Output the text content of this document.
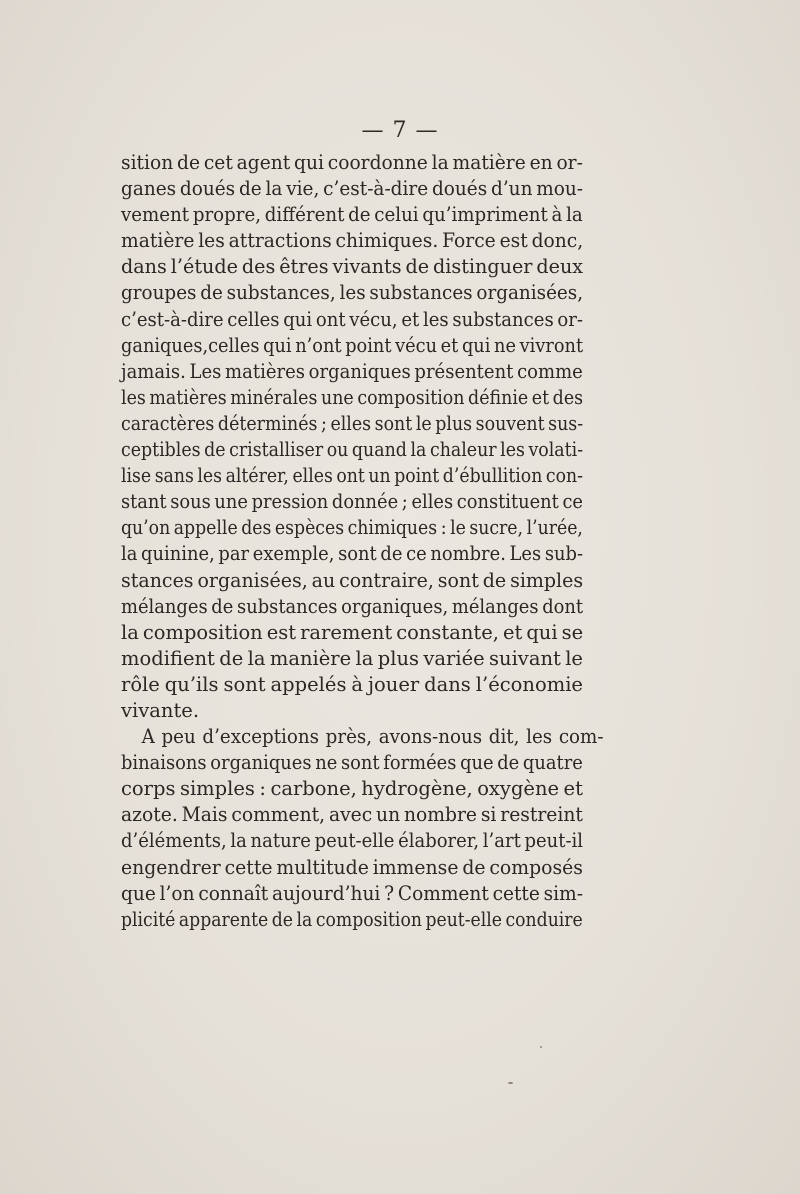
— 7 —
sition de cet agent qui coordonne la matière en or-
ganes doués de la vie, c’est-à-dire doués d’un mou-
vement propre, différent de celui qu’impriment à la
matière les attractions chimiques. Force est donc,
dans l’étude des êtres vivants de distinguer deux
groupes de substances, les substances organisées,
c’est-à-dire celles qui ont vécu, et les substances or-
ganiques,celles qui n’ont point vécu et qui ne vivront
jamais. Les matières organiques présentent comme
les matières minérales une composition définie et des
caractères déterminés ; elles sont le plus souvent sus-
ceptibles de cristalliser ou quand la chaleur les volati-
lise sans les altérer, elles ont un point d’ébullition con-
stant sous une pression donnée ; elles constituent ce
qu’on appelle des espèces chimiques : le sucre, l’urée,
la quinine, par exemple, sont de ce nombre. Les sub-
stances organisées, au contraire, sont de simples
mélanges de substances organiques, mélanges dont
la composition est rarement constante, et qui se
modifient de la manière la plus variée suivant le
rôle qu’ils sont appelés à jouer dans l’économie
vivante.
A peu d’exceptions près, avons-nous dit, les com-
binaisons organiques ne sont formées que de quatre
corps simples : carbone, hydrogène, oxygène et
azote. Mais comment, avec un nombre si restreint
d’éléments, la nature peut-elle élaborer, l’art peut-il
engendrer cette multitude immense de composés
que l’on connaît aujourd’hui ? Comment cette sim-
plicité apparente de la composition peut-elle conduire
